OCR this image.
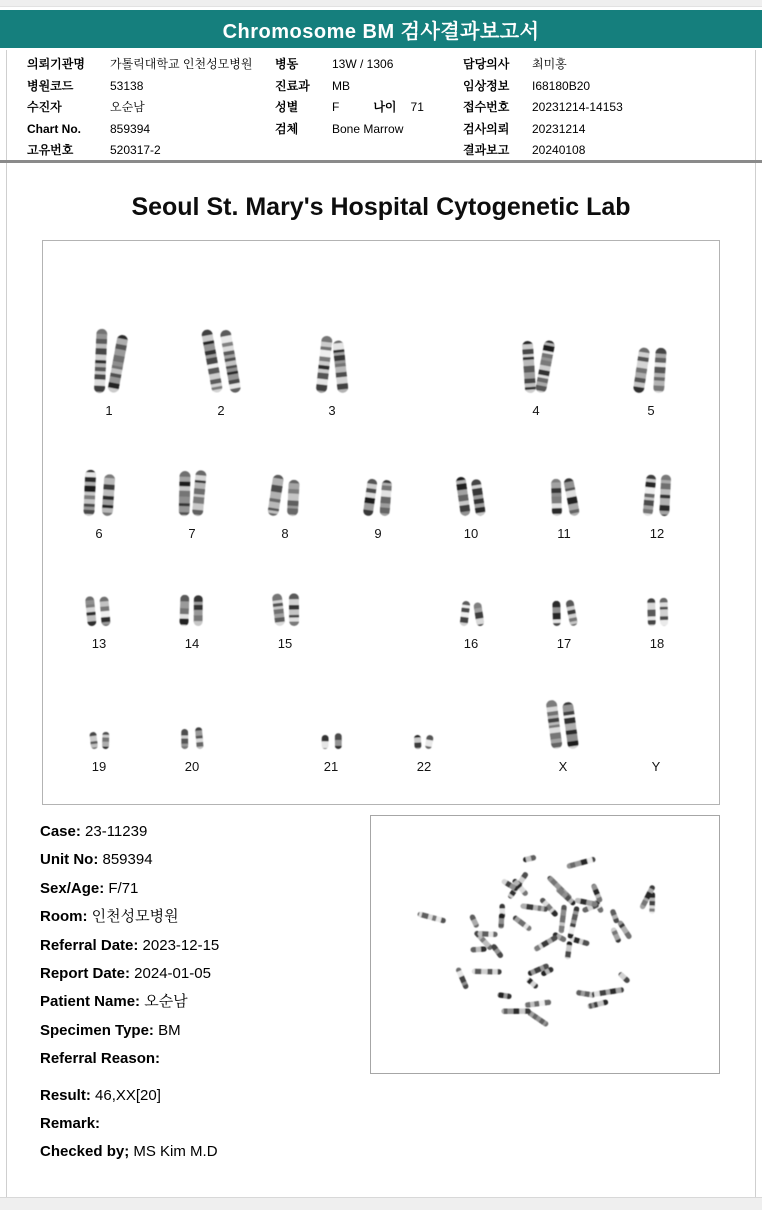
Chromosome BM 검사결과보고서
의뢰기관명	가톨릭대학교 인천성모병원
병원코드	53138
수진자	오순남
Chart No.	859394
고유번호	520317-2
병동	13W / 1306
진료과	MB
성별	F	나이 71
검체	Bone Marrow
담당의사	최미홍
임상정보	I68180B20
접수번호	20231214-14153
검사의뢰	20231214
결과보고	20240108
Seoul St. Mary's Hospital Cytogenetic Lab
1	2	3	4	5
6	7	8	9	10	11	12
13	14	15	16	17	18
19	20	21	22	X	Y
Case: 23-11239
Unit No: 859394
Sex/Age: F/71
Room: 인천성모병원
Referral Date: 2023-12-15
Report Date: 2024-01-05
Patient Name: 오순남
Specimen Type: BM
Referral Reason:
Result: 46,XX[20]
Remark:
Checked by; MS Kim M.D
